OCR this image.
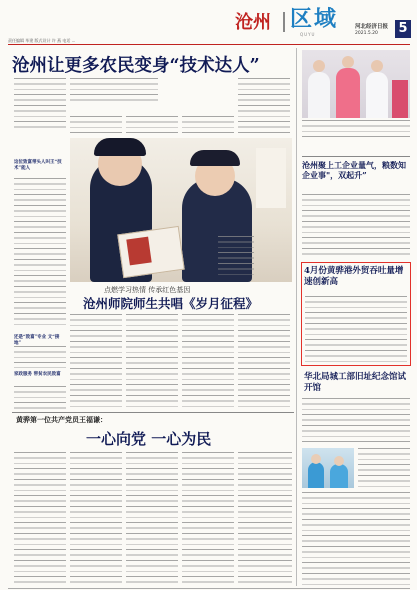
责任编辑 毕建 版式设计 许 燕 电话 ...
沧州 区域
QUYU
河北经济日报
2021.5.20 5
沧州让更多农民变身“技术达人”
这位致富带头人叫王“技术”能人
还是“致富”专业 文“接地”
家政服务 带贫农民致富
点燃学习热情 传承红色基因
沧州师院师生共唱《岁月征程》
黄骅第一位共产党员王福谦：
一心向党 一心为民
沧州聚上工企业量气，粮数知企业事"，双起升”
4月份黄骅港外贸吞吐量增速创新高
华北局城工部旧址纪念馆试开馆
